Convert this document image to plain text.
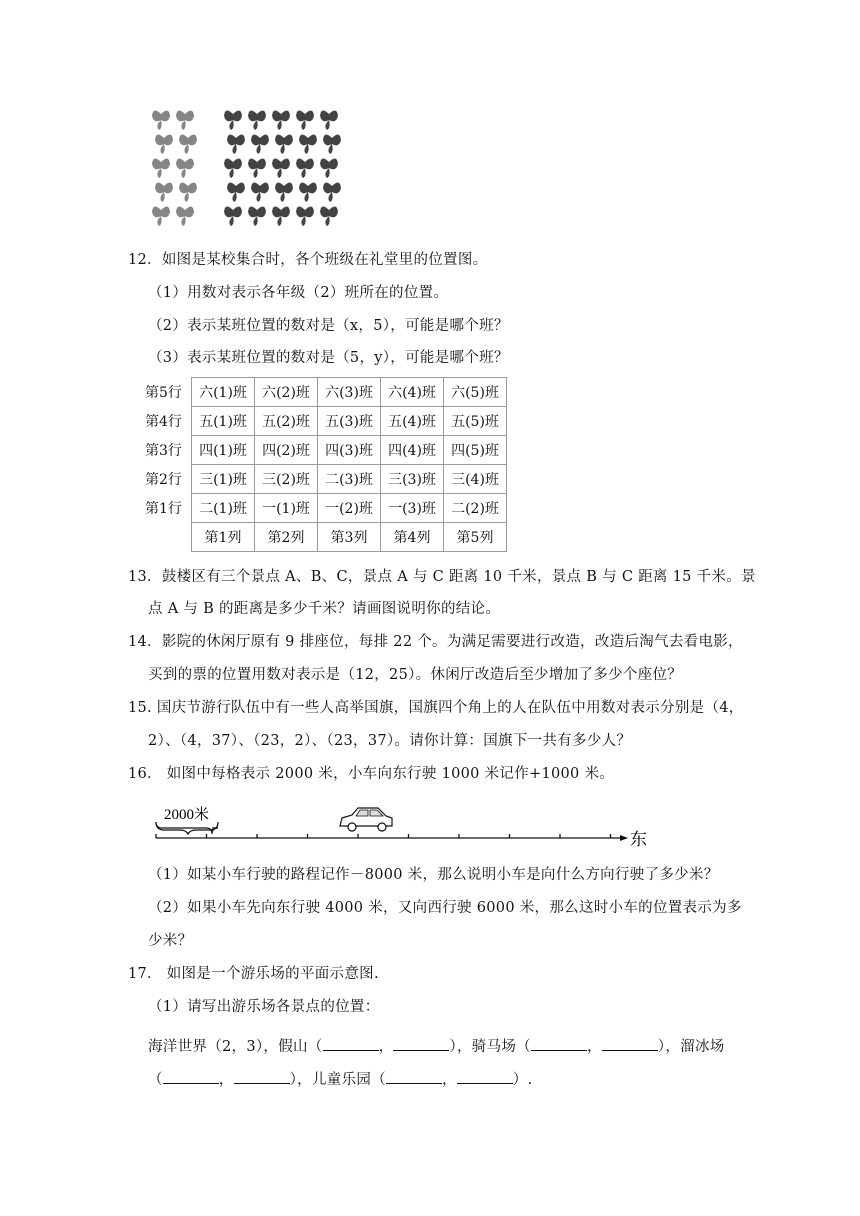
12．如图是某校集合时，各个班级在礼堂里的位置图。
（1）用数对表示各年级（2）班所在的位置。
（2）表示某班位置的数对是（x，5），可能是哪个班？
（3）表示某班位置的数对是（5，y），可能是哪个班？
第5行	六(1)班	六(2)班	六(3)班	六(4)班	六(5)班
第4行	五(1)班	五(2)班	五(3)班	五(4)班	五(5)班
第3行	四(1)班	四(2)班	四(3)班	四(4)班	四(5)班
第2行	三(1)班	三(2)班	二(3)班	三(3)班	三(4)班
第1行	二(1)班	一(1)班	一(2)班	一(3)班	二(2)班
	第1列	第2列	第3列	第4列	第5列
13．鼓楼区有三个景点 A、B、C，景点 A 与 C 距离 10 千米，景点 B 与 C 距离 15 千米。景
点 A 与 B 的距离是多少千米？请画图说明你的结论。
14．影院的休闲厅原有 9 排座位，每排 22 个。为满足需要进行改造，改造后淘气去看电影，
买到的票的位置用数对表示是（12，25）。休闲厅改造后至少增加了多少个座位？
15. 国庆节游行队伍中有一些人高举国旗，国旗四个角上的人在队伍中用数对表示分别是（4，
2）、（4，37）、（23，2）、（23，37）。请你计算：国旗下一共有多少人？
16． 如图中每格表示 2000 米，小车向东行驶 1000 米记作+1000 米。
2000米
东
（1）如某小车行驶的路程记作－8000 米，那么说明小车是向什么方向行驶了多少米？
（2）如果小车先向东行驶 4000 米，又向西行驶 6000 米，那么这时小车的位置表示为多
少米？
17． 如图是一个游乐场的平面示意图.
（1）请写出游乐场各景点的位置：
海洋世界（2，3），假山（	，	），骑马场（	，	），溜冰场
（	，	），儿童乐园（	，	）.
